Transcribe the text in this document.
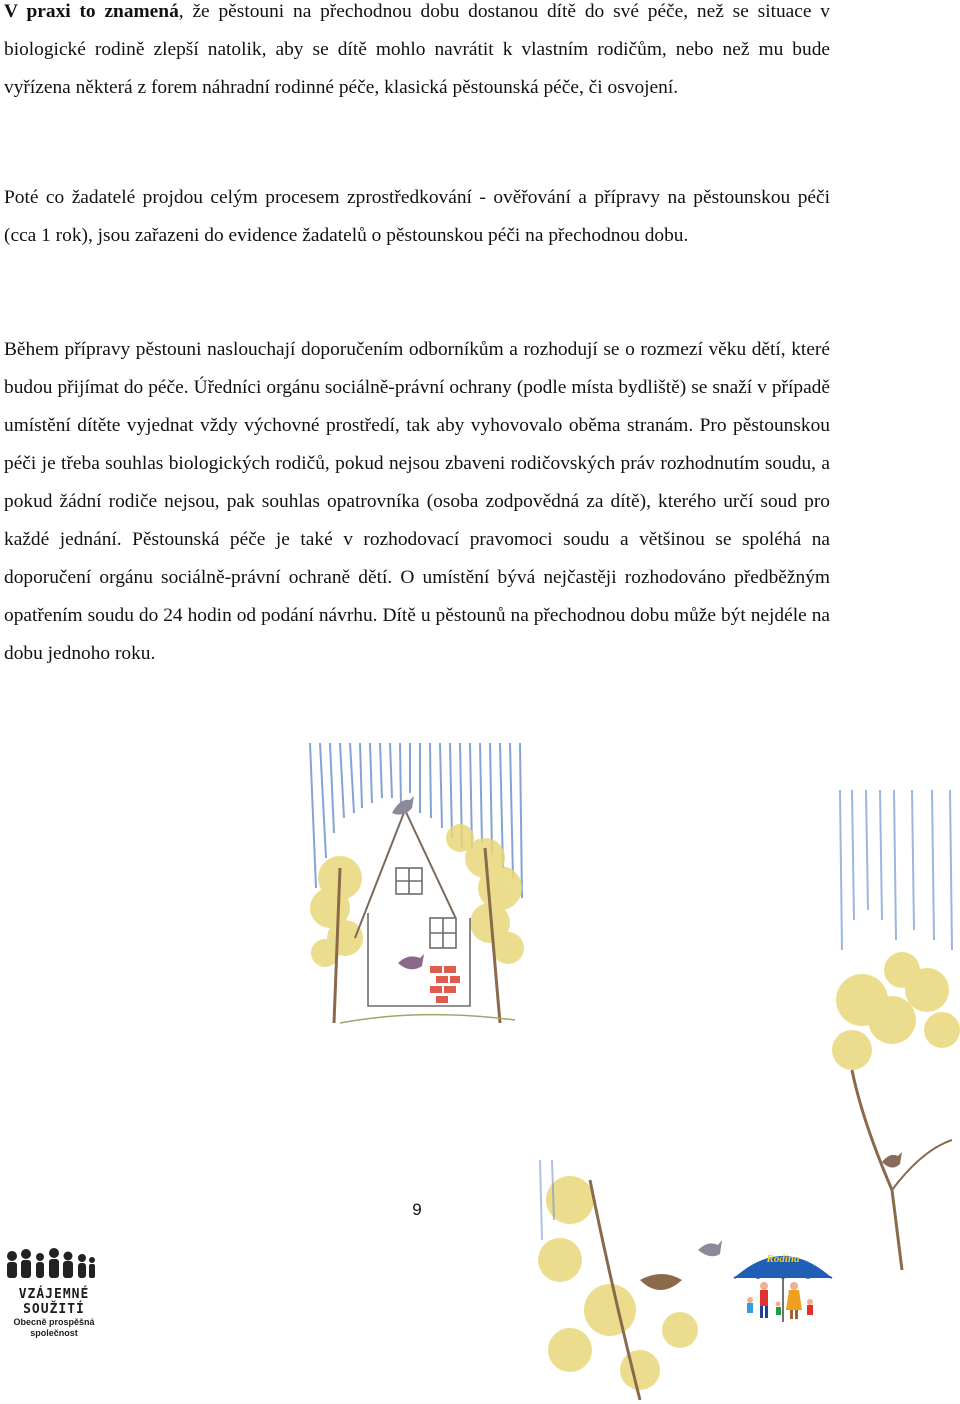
V praxi to znamená, že pěstouni na přechodnou dobu dostanou dítě do své péče, než se situace v biologické rodině zlepší natolik, aby se dítě mohlo navrátit k vlastním rodičům, nebo než mu bude vyřízena některá z forem náhradní rodinné péče, klasická pěstounská péče, či osvojení.

Poté co žadatelé projdou celým procesem zprostředkování - ověřování a přípravy na pěstounskou péči (cca 1 rok), jsou zařazeni do evidence žadatelů o pěstounskou péči na přechodnou dobu.

Během přípravy pěstouni naslouchají doporučením odborníkům a rozhodují se o rozmezí věku dětí, které budou přijímat do péče. Úředníci orgánu sociálně-právní ochrany (podle místa bydliště) se snaží v případě umístění dítěte vyjednat vždy výchovné prostředí, tak aby vyhovovalo oběma stranám. Pro pěstounskou péči je třeba souhlas biologických rodičů, pokud nejsou zbaveni rodičovských práv rozhodnutím soudu, a pokud žádní rodiče nejsou, pak souhlas opatrovníka (osoba zodpovědná za dítě), kterého určí soud pro každé jednání. Pěstounská péče je také v rozhodovací pravomoci soudu a většinou se spoléhá na doporučení orgánu sociálně-právní ochraně dětí. O umístění bývá nejčastěji rozhodováno předběžným opatřením soudu do 24 hodin od podání návrhu. Dítě u pěstounů na přechodnou dobu může být nejdéle na dobu jednoho roku.

9
VZÁJEMNÉ
SOUŽITÍ
Obecně prospěšná
společnost
Rodina
